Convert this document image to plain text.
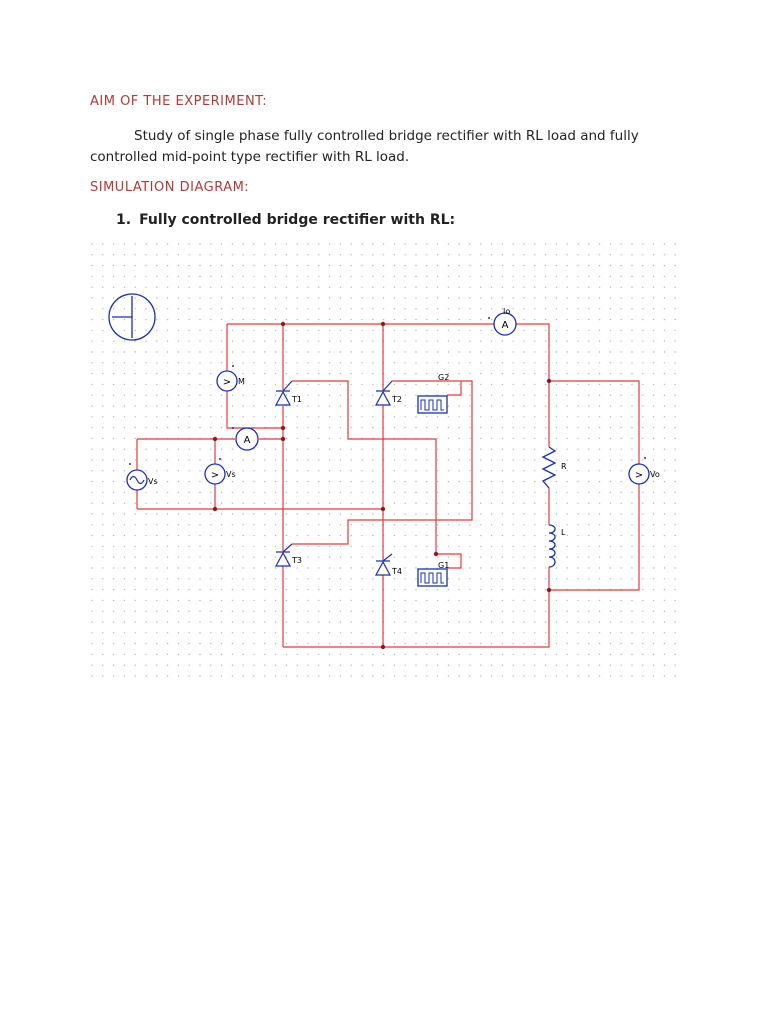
AIM OF THE EXPERIMENT:
Study of single phase fully controlled bridge rectifier with RL load and fully controlled mid-point type rectifier with RL load.
SIMULATION DIAGRAM:
1. Fully controlled bridge rectifier with RL:
>
>	>
A
A
T1	T2
T3
T4
G2
G1
Vs
Vs
M
Io
Vo
R
L
